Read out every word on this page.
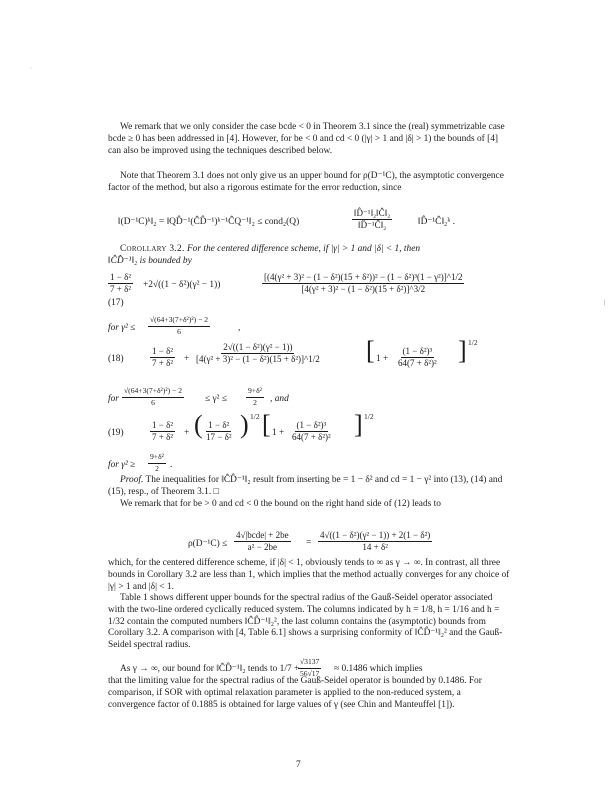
We remark that we only consider the case bcde < 0 in Theorem 3.1 since the (real) symmetrizable case bcde ≥ 0 has been addressed in [4]. However, for be < 0 and cd < 0 (|γ| > 1 and |δ| > 1) the bounds of [4] can also be improved using the techniques described below.
Note that Theorem 3.1 does not only give us an upper bound for ρ(D⁻¹C), the asymptotic convergence factor of the method, but also a rigorous estimate for the error reduction, since
‖(D⁻¹C)ᵏ‖₂ = ‖QD̂⁻¹(ĈD̂⁻¹)ᵏ⁻¹ĈQ⁻¹‖₂ ≤ cond₂(Q)	$\frac{\text{‖D̂⁻¹‖₂‖Ĉ‖₂}}{\text{‖D̂⁻¹Ĉ‖₂}}$	‖D̂⁻¹Ĉ‖₂ᵏ .
Corollary 3.2. For the centered difference scheme, if |γ| > 1 and |δ| < 1, then
‖ĈD̂⁻¹‖₂ is bounded by
$\frac{\text{1 − δ²}}{\text{7 + δ²}} +2√((1 - \delta^2)(\gamma^2 - 1))$	$\frac{\text{[(4(γ² + 3)² − (1 − δ²)(15 + δ²))² − (1 − δ²)³(1 − γ²)]\textasciicircum{}1/2}}{\text{[4(γ² + 3)² − (1 − δ²)(15 + δ²)]\textasciicircum{}3/2}}$
(17)
for $\gamma^2 \le \frac{\text{√(64+3(7+δ²)²) − 2}}{6}$	,
(18)	$\frac{\text{1 − δ²}}{\text{7 + δ²}} + \frac{\text{2√((1 − δ²)(γ² − 1))}}{\text{[4(γ² + 3)² − (1 − δ²)(15 + δ²)]\textasciicircum{}1/2}}$ [ $1 + \frac{\text{(1 − δ²)³}}{\text{64(7 + δ²)²}}$ ] 1/2
for $\frac{\text{√(64+3(7+δ²)²) − 2}}{6} \le \gamma^2$ ≤	$\frac{\text{9+δ²}}{2}$ , and
(19)	$\frac{\text{1 − δ²}}{\text{7 + δ²}}$ + ( $\frac{\text{1 − δ²}}{\text{17 − δ²}}$ ) 1/2 [ $1 + \frac{\text{(1 − δ²)³}}{\text{64(7 + δ²)²}}$ ] 1/2
for $\gamma^2 \ge \frac{\text{9+δ²}}{2}$ .
Proof. The inequalities for ‖ĈD̂⁻¹‖₂ result from inserting be = 1 − δ² and cd = 1 − γ² into (13), (14) and (15), resp., of Theorem 3.1. □
We remark that for be > 0 and cd < 0 the bound on the right hand side of (12) leads to
ρ(D⁻¹C) ≤
4√|bcde| + 2be
a² − 2be	= $\frac{\text{4√((1 − δ²)(γ² − 1)) + 2(1 − δ²)}}{\text{14 + δ²}}$
which, for the centered difference scheme, if |δ| < 1, obviously tends to ∞ as γ → ∞. In contrast, all three bounds in Corollary 3.2 are less than 1, which implies that the method actually converges for any choice of |γ| > 1 and |δ| < 1.
Table 1 shows different upper bounds for the spectral radius of the Gauß-Seidel operator associated with the two-line ordered cyclically reduced system. The columns indicated by h = 1/8, h = 1/16 and h = 1/32 contain the computed numbers ‖ĈD̂⁻¹‖₂², the last column contains the (asymptotic) bounds from Corollary 3.2. A comparison with [4, Table 6.1] shows a surprising conformity of ‖ĈD̂⁻¹‖₂² and the Gauß-Seidel spectral radius.
As γ → ∞, our bound for ‖ĈD̂⁻¹‖₂ tends to 1/7 +
$\frac{√3137}{56√17} \approx 0.1486$ which implies
that the limiting value for the spectral radius of the Gauß-Seidel operator is bounded by 0.1486. For comparison, if SOR with optimal relaxation parameter is applied to the non-reduced system, a convergence factor of 0.1885 is obtained for large values of γ (see Chin and Manteuffel [1]).
7
·
|
